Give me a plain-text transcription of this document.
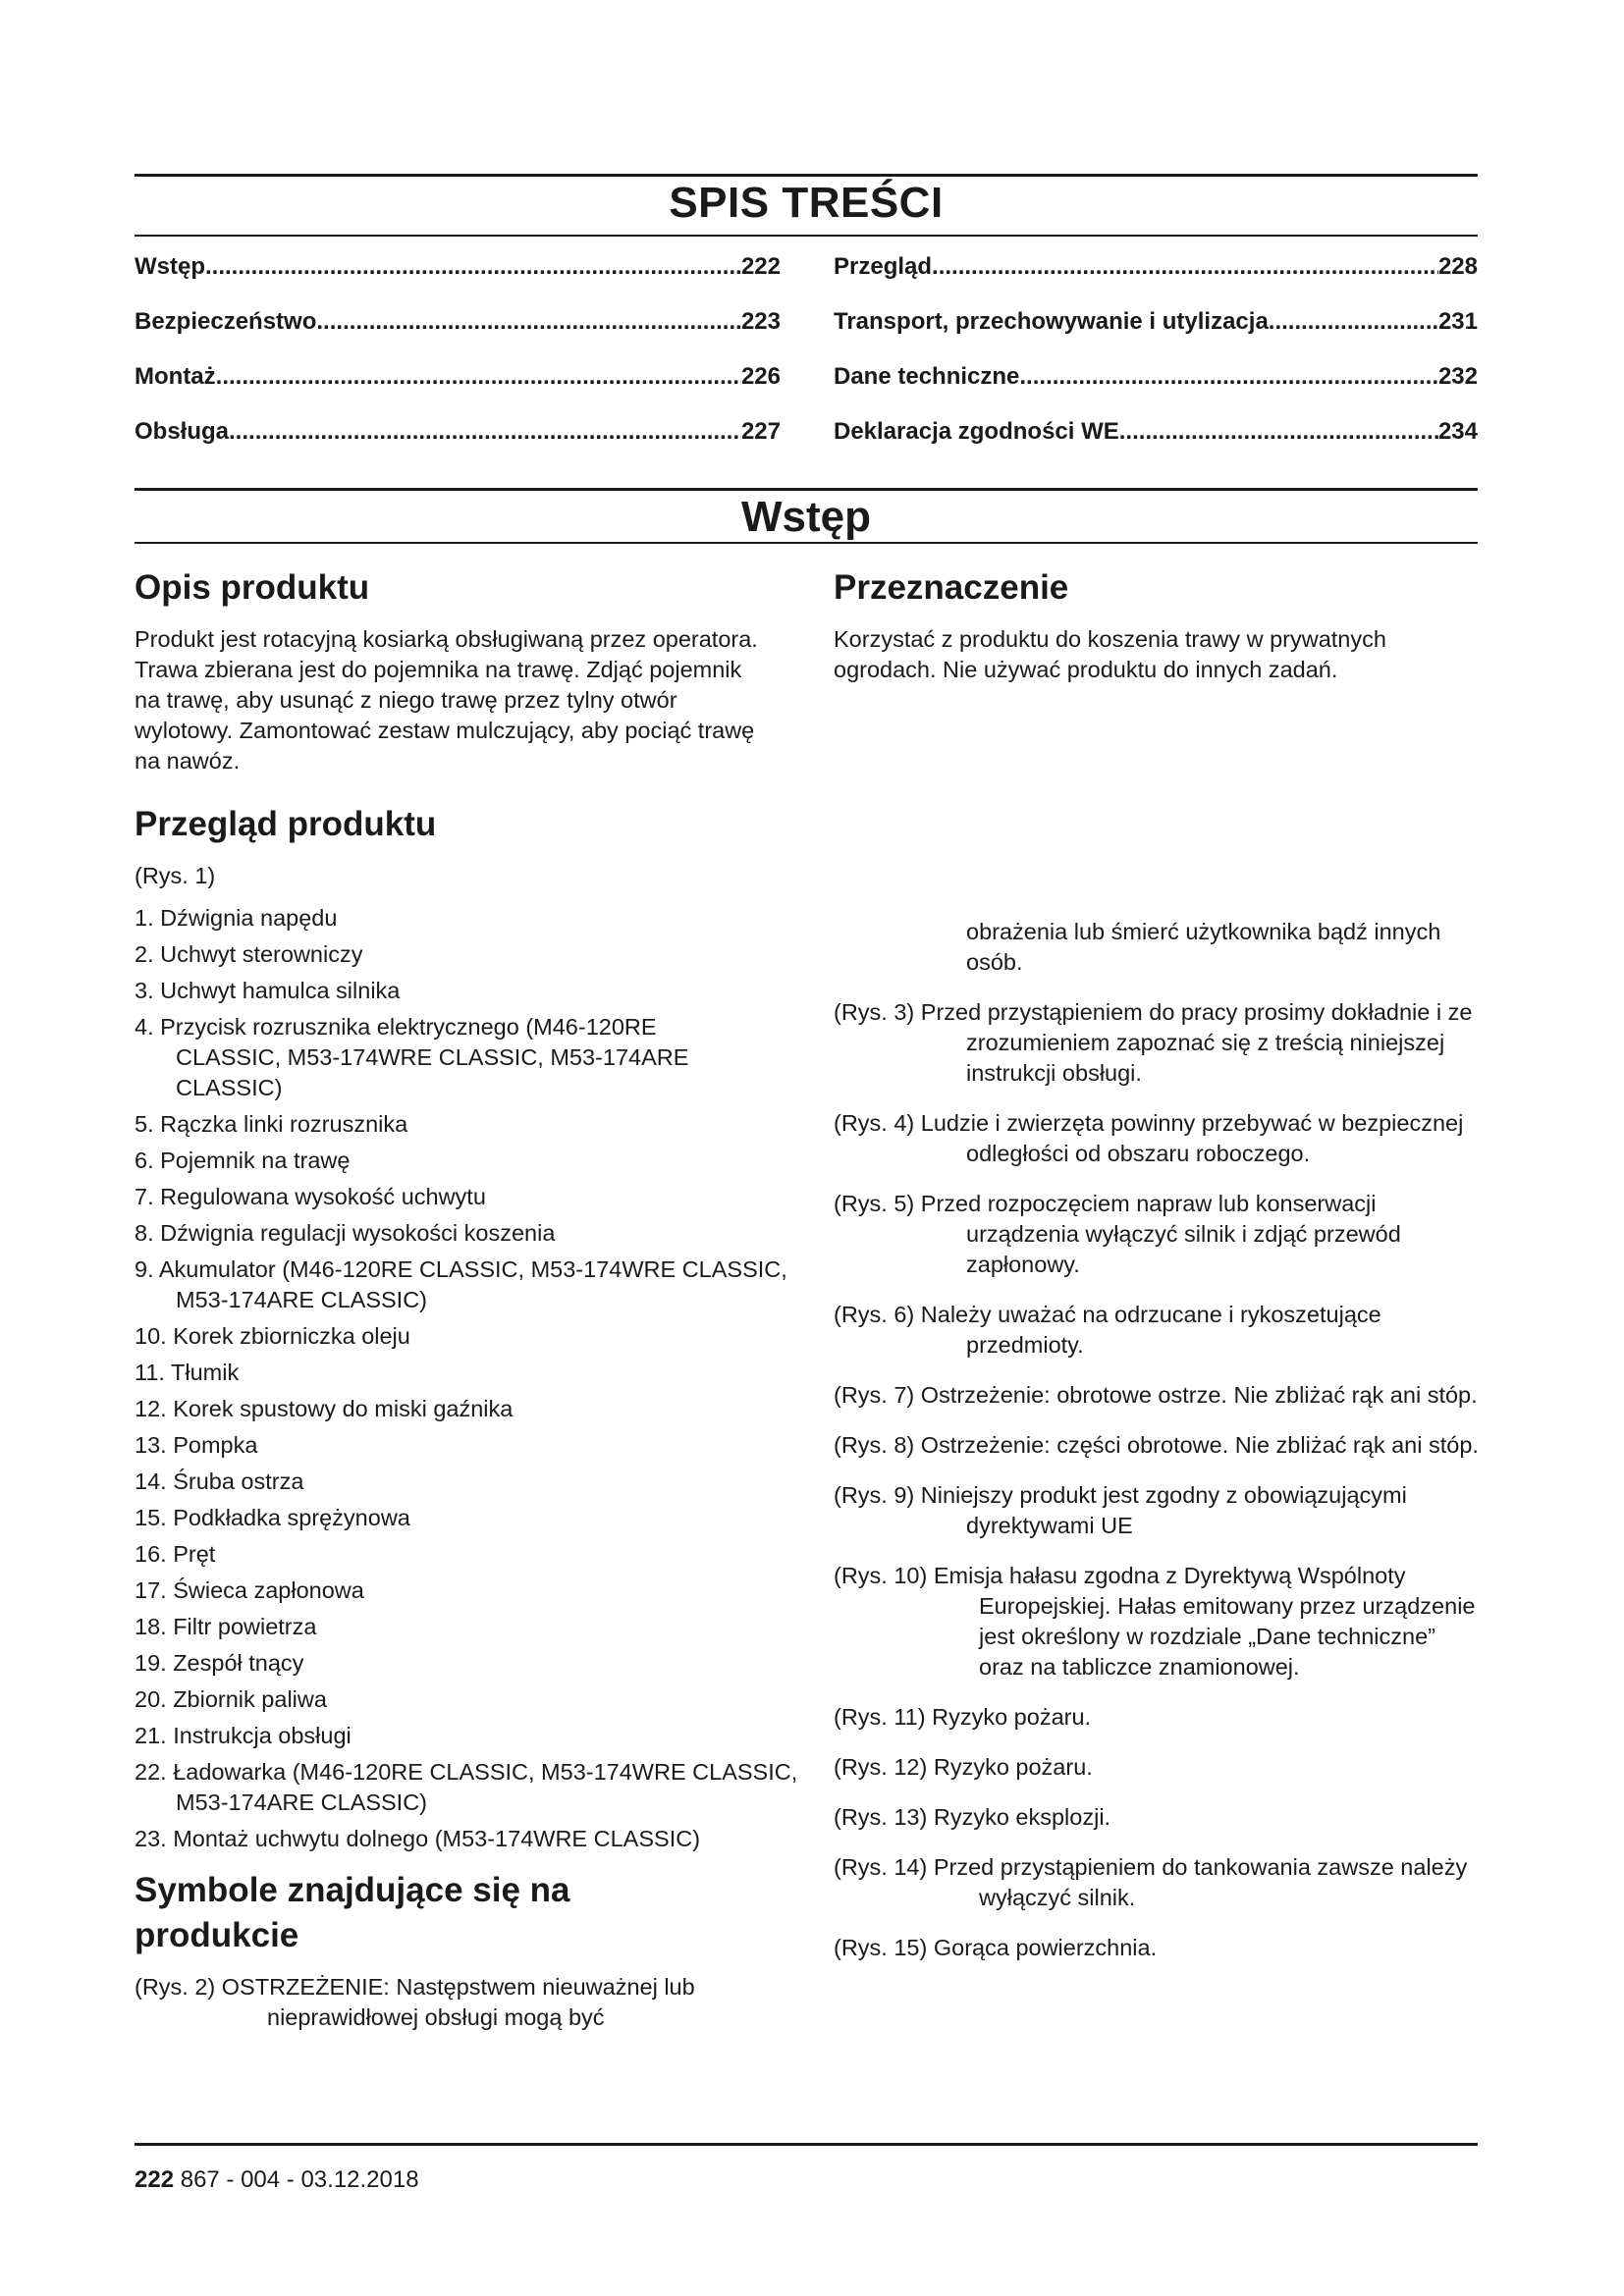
SPIS TREŚCI
Wstęp .....	222
Bezpieczeństwo .....	223
Montaż .....	226
Obsługa .....	227
Przegląd .....	228
Transport, przechowywanie i utylizacja .....	231
Dane techniczne .....	232
Deklaracja zgodności WE .....	234
Wstęp
Opis produktu

Produkt jest rotacyjną kosiarką obsługiwaną przez operatora. Trawa zbierana jest do pojemnika na trawę. Zdjąć pojemnik na trawę, aby usunąć z niego trawę przez tylny otwór wylotowy. Zamontować zestaw mulczujący, aby pociąć trawę na nawóz.

Przegląd produktu

(Rys. 1)

1. Dźwignia napędu
2. Uchwyt sterowniczy
3. Uchwyt hamulca silnika
4. Przycisk rozrusznika elektrycznego (M46-120RE CLASSIC, M53-174WRE CLASSIC, M53-174ARE CLASSIC)
5. Rączka linki rozrusznika
6. Pojemnik na trawę
7. Regulowana wysokość uchwytu
8. Dźwignia regulacji wysokości koszenia
9. Akumulator (M46-120RE CLASSIC, M53-174WRE CLASSIC, M53-174ARE CLASSIC)
10. Korek zbiorniczka oleju
11. Tłumik
12. Korek spustowy do miski gaźnika
13. Pompka
14. Śruba ostrza
15. Podkładka sprężynowa
16. Pręt
17. Świeca zapłonowa
18. Filtr powietrza
19. Zespół tnący
20. Zbiornik paliwa
21. Instrukcja obsługi
22. Ładowarka (M46-120RE CLASSIC, M53-174WRE CLASSIC, M53-174ARE CLASSIC)
23. Montaż uchwytu dolnego (M53-174WRE CLASSIC)
Symbole znajdujące się na produkcie

(Rys. 2) OSTRZEŻENIE: Następstwem nieuważnej lub nieprawidłowej obsługi mogą być

Przeznaczenie

Korzystać z produktu do koszenia trawy w prywatnych ogrodach. Nie używać produktu do innych zadań.

obrażenia lub śmierć użytkownika bądź innych osób.

(Rys. 3) Przed przystąpieniem do pracy prosimy dokładnie i ze zrozumieniem zapoznać się z treścią niniejszej instrukcji obsługi.

(Rys. 4) Ludzie i zwierzęta powinny przebywać w bezpiecznej odległości od obszaru roboczego.

(Rys. 5) Przed rozpoczęciem napraw lub konserwacji urządzenia wyłączyć silnik i zdjąć przewód zapłonowy.

(Rys. 6) Należy uważać na odrzucane i rykoszetujące przedmioty.

(Rys. 7) Ostrzeżenie: obrotowe ostrze. Nie zbliżać rąk ani stóp.

(Rys. 8) Ostrzeżenie: części obrotowe. Nie zbliżać rąk ani stóp.

(Rys. 9) Niniejszy produkt jest zgodny z obowiązującymi dyrektywami UE

(Rys. 10) Emisja hałasu zgodna z Dyrektywą Wspólnoty Europejskiej. Hałas emitowany przez urządzenie jest określony w rozdziale „Dane techniczne” oraz na tabliczce znamionowej.

(Rys. 11) Ryzyko pożaru.

(Rys. 12) Ryzyko pożaru.

(Rys. 13) Ryzyko eksplozji.

(Rys. 14) Przed przystąpieniem do tankowania zawsze należy wyłączyć silnik.

(Rys. 15) Gorąca powierzchnia.

222 867 - 004 - 03.12.2018
